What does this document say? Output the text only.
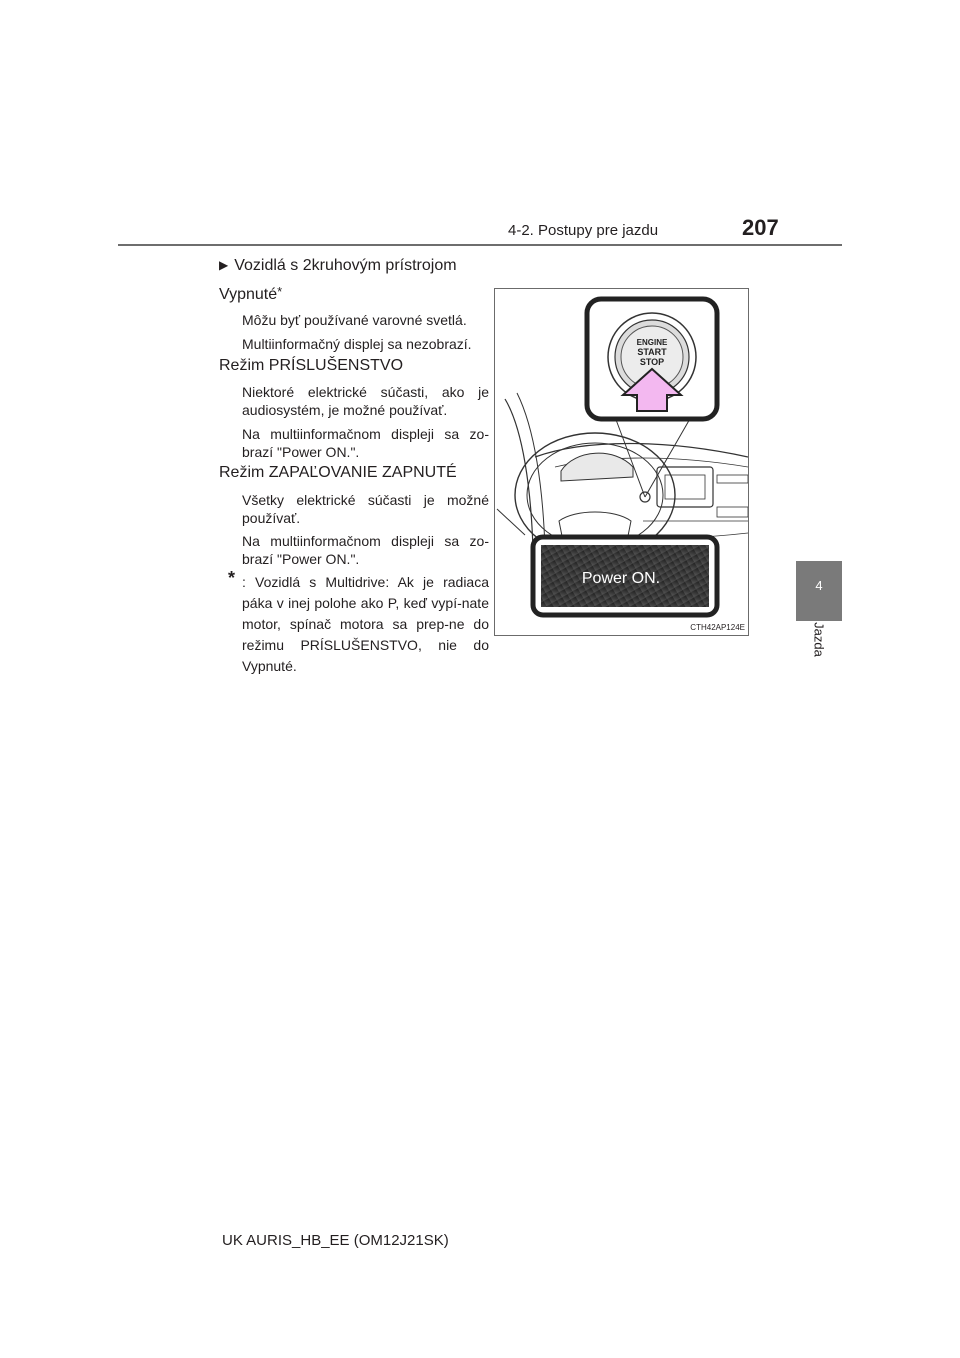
4-2. Postupy pre jazdu	207
4
Jazda
▶ Vozidlá s 2kruhovým prístrojom
Vypnuté*
Môžu byť používané varovné svetlá.
Multiinformačný displej sa nezobrazí.
Režim PRÍSLUŠENSTVO
Niektoré elektrické súčasti, ako je audiosystém, je možné používať.
Na multiinformačnom displeji sa zo-brazí "Power ON.".
Režim ZAPAĽOVANIE ZAPNUTÉ
Všetky elektrické súčasti je možné používať.
Na multiinformačnom displeji sa zo-brazí "Power ON.".
* : Vozidlá s Multidrive: Ak je radiaca páka v inej polohe ako P, keď vypí-nate motor, spínač motora sa prep-ne do režimu PRÍSLUŠENSTVO, nie do Vypnuté.
ENGINE
START
STOP
Power ON.
CTH42AP124E
UK AURIS_HB_EE (OM12J21SK)
